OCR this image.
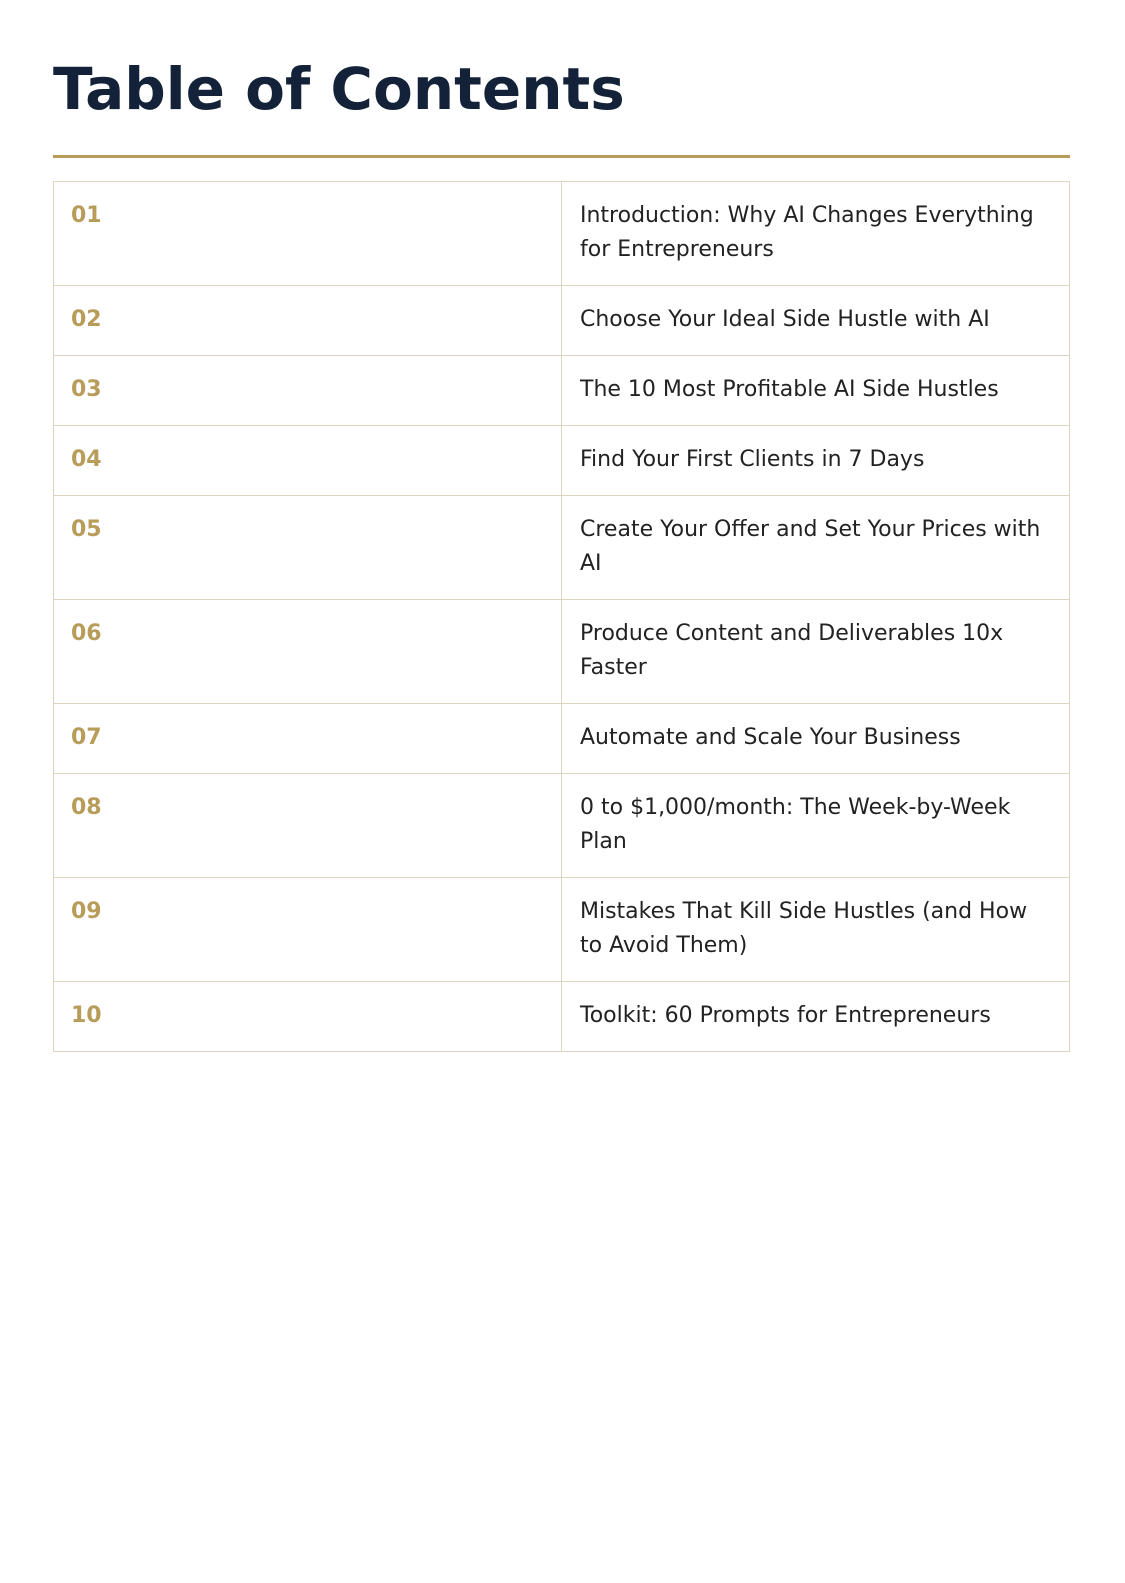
Table of Contents
01	Introduction: Why AI Changes Everything for Entrepreneurs
02	Choose Your Ideal Side Hustle with AI
03	The 10 Most Profitable AI Side Hustles
04	Find Your First Clients in 7 Days
05	Create Your Offer and Set Your Prices with AI
06	Produce Content and Deliverables 10x Faster
07	Automate and Scale Your Business
08	0 to $1,000/month: The Week-by-Week Plan
09	Mistakes That Kill Side Hustles (and How to Avoid Them)
10	Toolkit: 60 Prompts for Entrepreneurs
